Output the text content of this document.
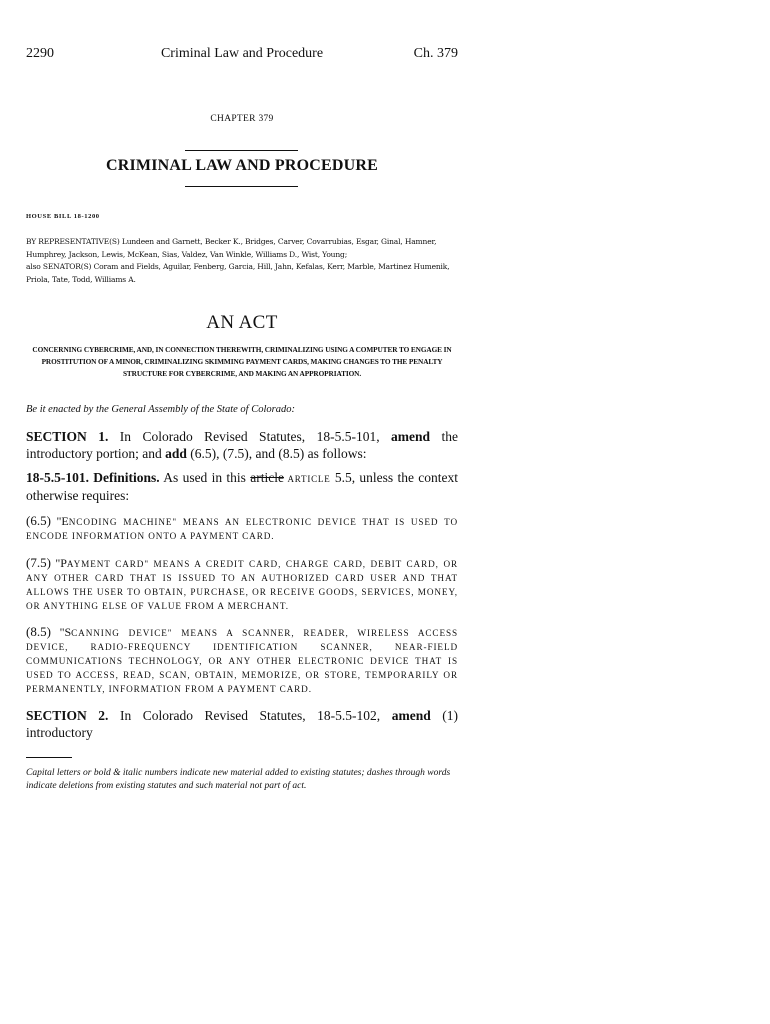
2290	Criminal Law and Procedure	Ch. 379
CHAPTER 379
CRIMINAL LAW AND PROCEDURE
HOUSE BILL 18-1200
BY REPRESENTATIVE(S) Lundeen and Garnett, Becker K., Bridges, Carver, Covarrubias, Esgar, Ginal, Hamner, Humphrey, Jackson, Lewis, McKean, Sias, Valdez, Van Winkle, Williams D., Wist, Young;
also SENATOR(S) Coram and Fields, Aguilar, Fenberg, Garcia, Hill, Jahn, Kefalas, Kerr, Marble, Martinez Humenik, Priola, Tate, Todd, Williams A.
AN ACT
CONCERNING CYBERCRIME, AND, IN CONNECTION THEREWITH, CRIMINALIZING USING A COMPUTER TO ENGAGE IN PROSTITUTION OF A MINOR, CRIMINALIZING SKIMMING PAYMENT CARDS, MAKING CHANGES TO THE PENALTY STRUCTURE FOR CYBERCRIME, AND MAKING AN APPROPRIATION.
Be it enacted by the General Assembly of the State of Colorado:
SECTION 1. In Colorado Revised Statutes, 18-5.5-101, amend the introductory portion; and add (6.5), (7.5), and (8.5) as follows:
18-5.5-101. Definitions. As used in this article ARTICLE 5.5, unless the context otherwise requires:
(6.5) "ENCODING MACHINE" MEANS AN ELECTRONIC DEVICE THAT IS USED TO ENCODE INFORMATION ONTO A PAYMENT CARD.
(7.5) "PAYMENT CARD" MEANS A CREDIT CARD, CHARGE CARD, DEBIT CARD, OR ANY OTHER CARD THAT IS ISSUED TO AN AUTHORIZED CARD USER AND THAT ALLOWS THE USER TO OBTAIN, PURCHASE, OR RECEIVE GOODS, SERVICES, MONEY, OR ANYTHING ELSE OF VALUE FROM A MERCHANT.
(8.5) "SCANNING DEVICE" MEANS A SCANNER, READER, WIRELESS ACCESS DEVICE, RADIO-FREQUENCY IDENTIFICATION SCANNER, NEAR-FIELD COMMUNICATIONS TECHNOLOGY, OR ANY OTHER ELECTRONIC DEVICE THAT IS USED TO ACCESS, READ, SCAN, OBTAIN, MEMORIZE, OR STORE, TEMPORARILY OR PERMANENTLY, INFORMATION FROM A PAYMENT CARD.
SECTION 2. In Colorado Revised Statutes, 18-5.5-102, amend (1) introductory
Capital letters or bold & italic numbers indicate new material added to existing statutes; dashes through words indicate deletions from existing statutes and such material not part of act.
